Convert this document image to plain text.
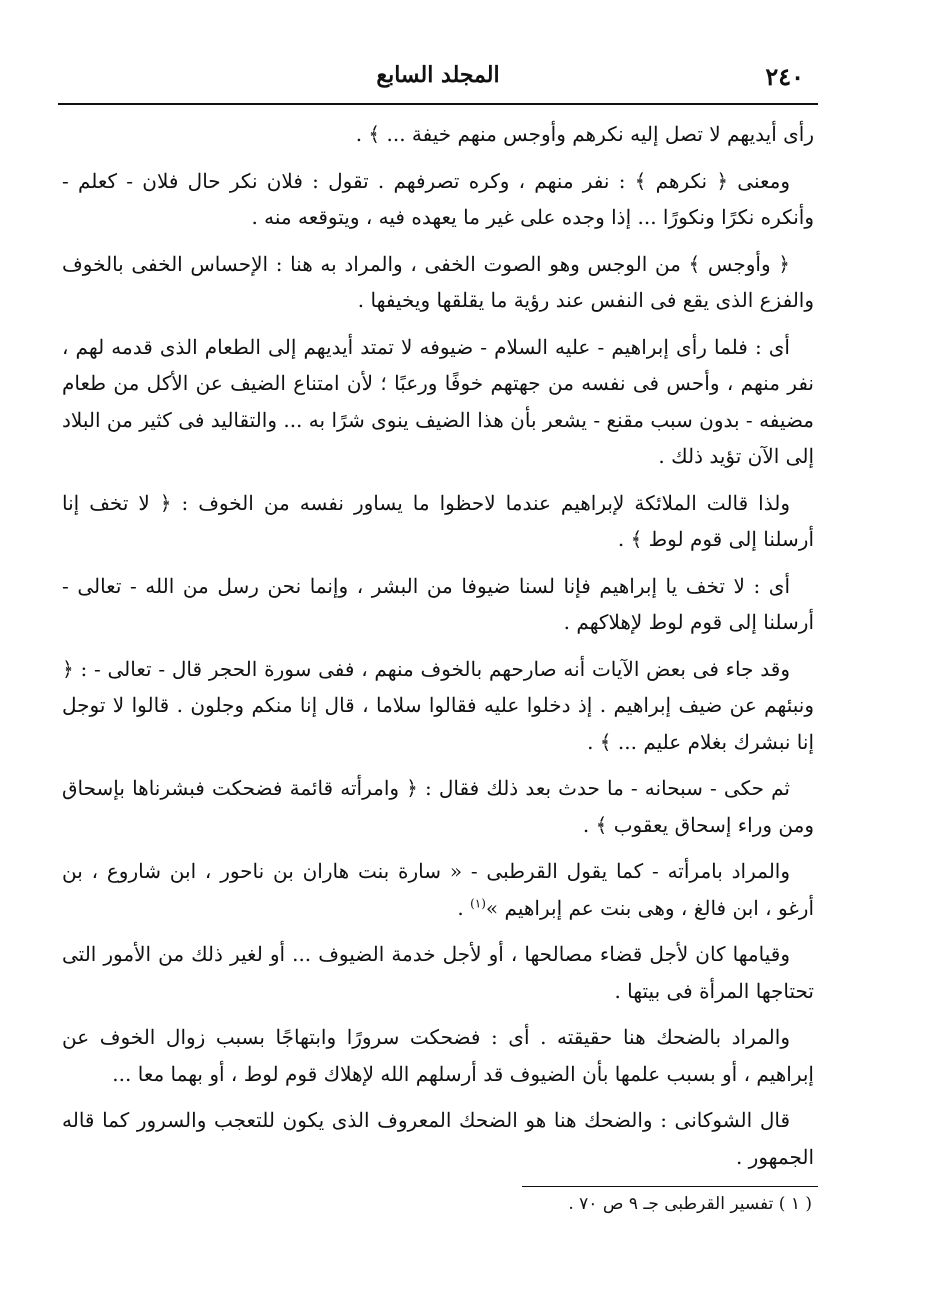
٢٤٠
المجلد السابع

رأى أيديهم لا تصل إليه نكرهم وأوجس منهم خيفة ... ﴾ .

ومعنى ﴿ نكرهم ﴾ : نفر منهم ، وكره تصرفهم . تقول : فلان نكر حال فلان - كعلم - وأنكره نكرًا ونكورًا ... إذا وجده على غير ما يعهده فيه ، ويتوقعه منه .

﴿ وأوجس ﴾ من الوجس وهو الصوت الخفى ، والمراد به هنا : الإحساس الخفى بالخوف والفزع الذى يقع فى النفس عند رؤية ما يقلقها ويخيفها .

أى : فلما رأى إبراهيم - عليه السلام - ضيوفه لا تمتد أيديهم إلى الطعام الذى قدمه لهم ، نفر منهم ، وأحس فى نفسه من جهتهم خوفًا ورعبًا ؛ لأن امتناع الضيف عن الأكل من طعام مضيفه - بدون سبب مقنع - يشعر بأن هذا الضيف ينوى شرًا به ... والتقاليد فى كثير من البلاد إلى الآن تؤيد ذلك .

ولذا قالت الملائكة لإبراهيم عندما لاحظوا ما يساور نفسه من الخوف : ﴿ لا تخف إنا أرسلنا إلى قوم لوط ﴾ .

أى : لا تخف يا إبراهيم فإنا لسنا ضيوفا من البشر ، وإنما نحن رسل من الله - تعالى - أرسلنا إلى قوم لوط لإهلاكهم .

وقد جاء فى بعض الآيات أنه صارحهم بالخوف منهم ، ففى سورة الحجر قال - تعالى - : ﴿ ونبئهم عن ضيف إبراهيم . إذ دخلوا عليه فقالوا سلاما ، قال إنا منكم وجلون . قالوا لا توجل إنا نبشرك بغلام عليم ... ﴾ .

ثم حكى - سبحانه - ما حدث بعد ذلك فقال : ﴿ وامرأته قائمة فضحكت فبشرناها بإسحاق ومن وراء إسحاق يعقوب ﴾ .

والمراد بامرأته - كما يقول القرطبى - « سارة بنت هاران بن ناحور ، ابن شاروع ، بن أرغو ، ابن فالغ ، وهى بنت عم إبراهيم »$^{(١)}$ .

وقيامها كان لأجل قضاء مصالحها ، أو لأجل خدمة الضيوف ... أو لغير ذلك من الأمور التى تحتاجها المرأة فى بيتها .

والمراد بالضحك هنا حقيقته . أى : فضحكت سرورًا وابتهاجًا بسبب زوال الخوف عن إبراهيم ، أو بسبب علمها بأن الضيوف قد أرسلهم الله لإهلاك قوم لوط ، أو بهما معا ...

قال الشوكانى : والضحك هنا هو الضحك المعروف الذى يكون للتعجب والسرور كما قاله الجمهور .

( ١ ) تفسير القرطبى جـ ٩ ص ٧٠ .
